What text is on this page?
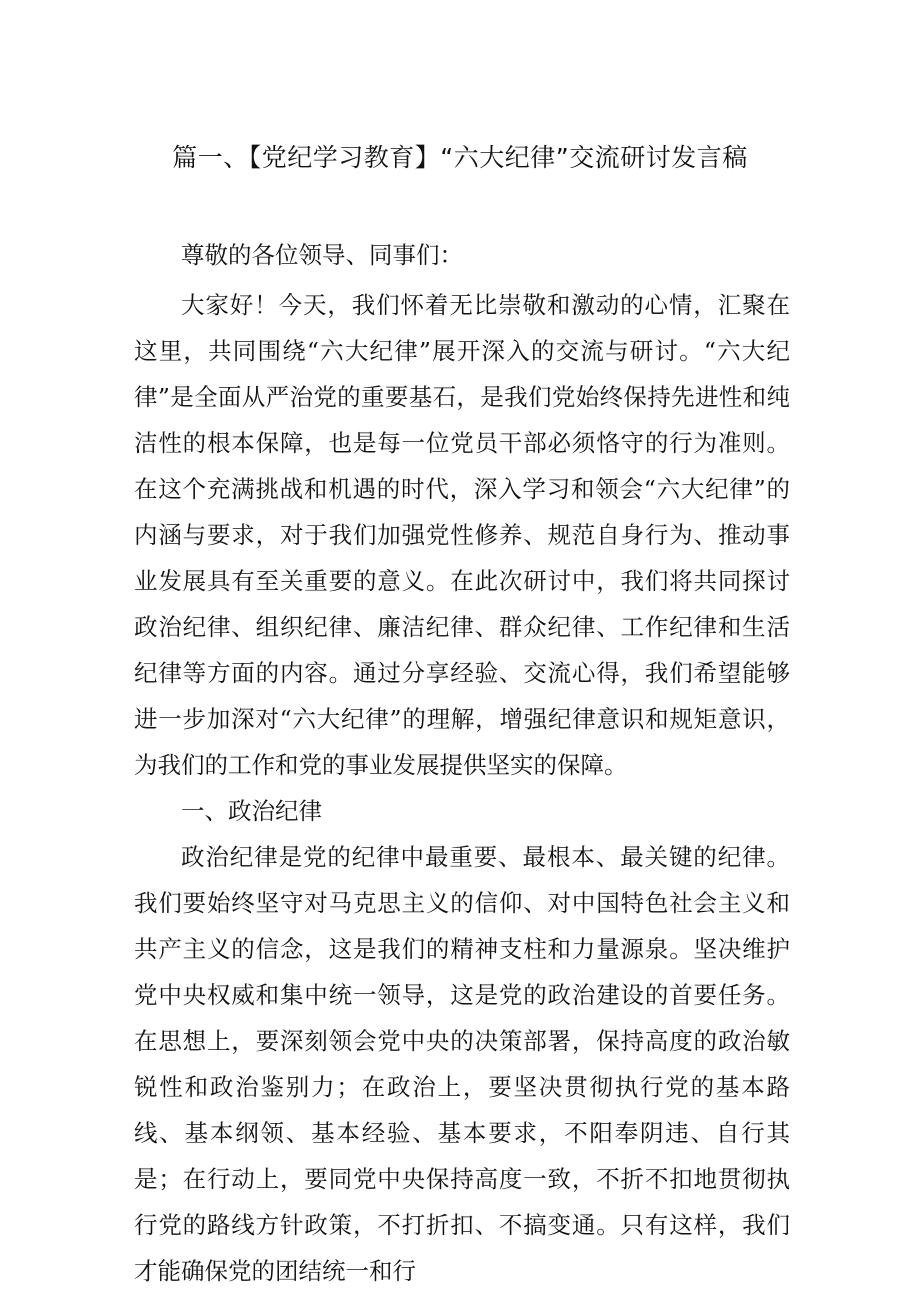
篇一、【党纪学习教育】“六大纪律”交流研讨发言稿

尊敬的各位领导、同事们：

大家好！今天，我们怀着无比崇敬和激动的心情，汇聚在这里，共同围绕“六大纪律”展开深入的交流与研讨。“六大纪律”是全面从严治党的重要基石，是我们党始终保持先进性和纯洁性的根本保障，也是每一位党员干部必须恪守的行为准则。在这个充满挑战和机遇的时代，深入学习和领会“六大纪律”的内涵与要求，对于我们加强党性修养、规范自身行为、推动事业发展具有至关重要的意义。在此次研讨中，我们将共同探讨政治纪律、组织纪律、廉洁纪律、群众纪律、工作纪律和生活纪律等方面的内容。通过分享经验、交流心得，我们希望能够进一步加深对“六大纪律”的理解，增强纪律意识和规矩意识，为我们的工作和党的事业发展提供坚实的保障。

一、政治纪律

政治纪律是党的纪律中最重要、最根本、最关键的纪律。我们要始终坚守对马克思主义的信仰、对中国特色社会主义和共产主义的信念，这是我们的精神支柱和力量源泉。坚决维护党中央权威和集中统一领导，这是党的政治建设的首要任务。在思想上，要深刻领会党中央的决策部署，保持高度的政治敏锐性和政治鉴别力；在政治上，要坚决贯彻执行党的基本路线、基本纲领、基本经验、基本要求，不阳奉阴违、自行其是；在行动上，要同党中央保持高度一致，不折不扣地贯彻执行党的路线方针政策，不打折扣、不搞变通。只有这样，我们才能确保党的团结统一和行
